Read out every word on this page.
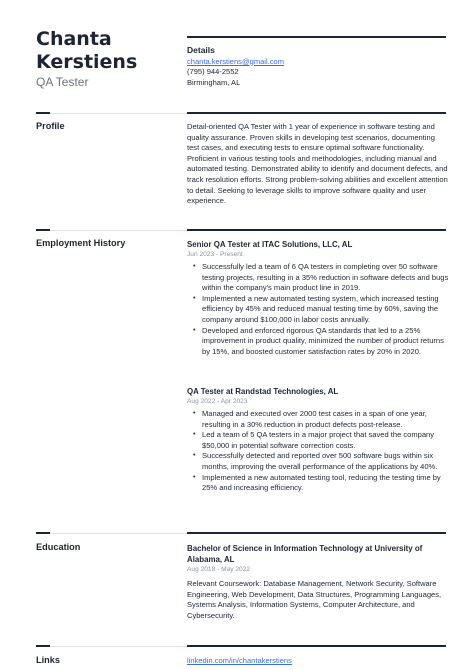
Chanta
Kerstiens
QA Tester
Details
chanta.kerstiens@gmail.com
(795) 944-2552
Birmingham, AL
Profile	Detail-oriented QA Tester with 1 year of experience in software testing and quality assurance. Proven skills in developing test scenarios, documenting test cases, and executing tests to ensure optimal software functionality. Proficient in various testing tools and methodologies, including manual and automated testing. Demonstrated ability to identify and document defects, and track resolution efforts. Strong problem-solving abilities and excellent attention to detail. Seeking to leverage skills to improve software quality and user experience.
Employment History	Senior QA Tester at ITAC Solutions, LLC, AL
Jun 2023 - Present
• Successfully led a team of 6 QA testers in completing over 50 software testing projects, resulting in a 35% reduction in software defects and bugs within the company's main product line in 2019.
• Implemented a new automated testing system, which increased testing efficiency by 45% and reduced manual testing time by 60%, saving the company around $100,000 in labor costs annually.
• Developed and enforced rigorous QA standards that led to a 25% improvement in product quality, minimized the number of product returns by 15%, and boosted customer satisfaction rates by 20% in 2020.
QA Tester at Randstad Technologies, AL
Aug 2022 - Apr 2023
• Managed and executed over 2000 test cases in a span of one year, resulting in a 30% reduction in product defects post-release.
• Led a team of 5 QA testers in a major project that saved the company $50,000 in potential software correction costs.
• Successfully detected and reported over 500 software bugs within six months, improving the overall performance of the applications by 40%.
• Implemented a new automated testing tool, reducing the testing time by 25% and increasing efficiency.
Education	Bachelor of Science in Information Technology at University of Alabama, AL
Aug 2018 - May 2022
Relevant Coursework: Database Management, Network Security, Software Engineering, Web Development, Data Structures, Programming Languages, Systems Analysis, Information Systems, Computer Architecture, and Cybersecurity.
Links	linkedin.com/in/chantakerstiens
